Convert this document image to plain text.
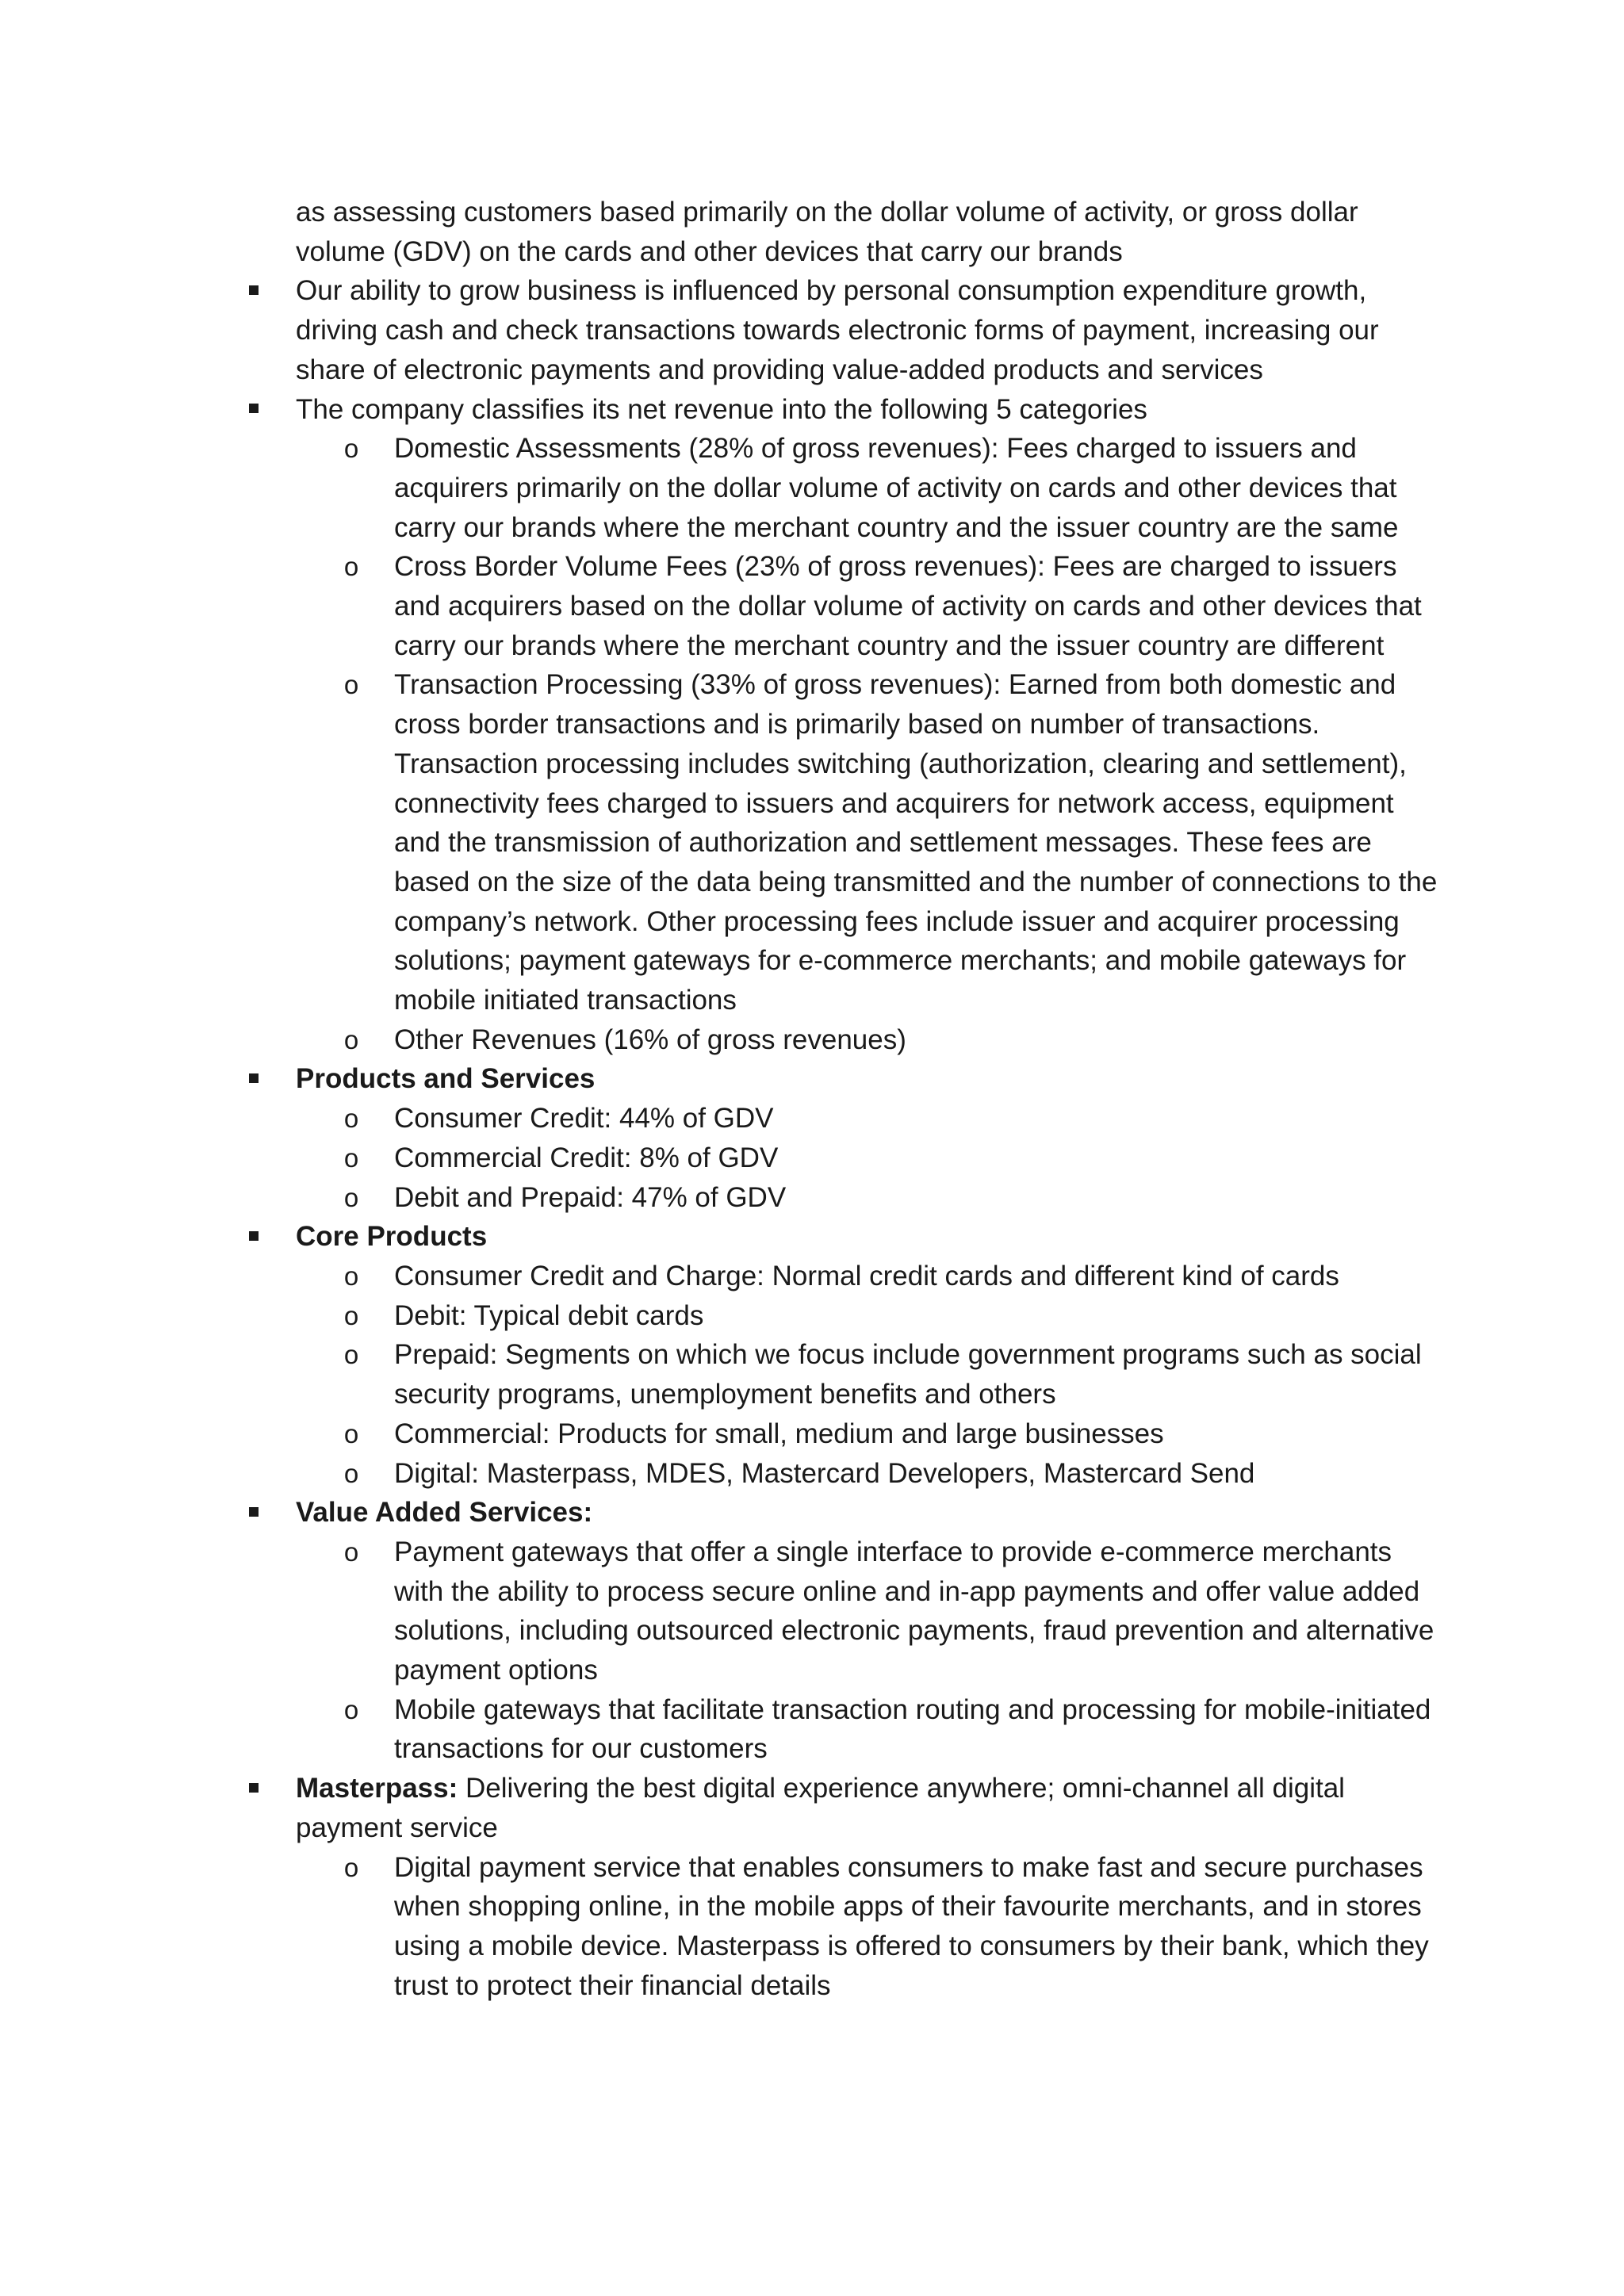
as assessing customers based primarily on the dollar volume of activity, or gross dollar volume (GDV) on the cards and other devices that carry our brands
Our ability to grow business is influenced by personal consumption expenditure growth, driving cash and check transactions towards electronic forms of payment, increasing our share of electronic payments and providing value-added products and services
The company classifies its net revenue into the following 5 categories
o Domestic Assessments (28% of gross revenues): Fees charged to issuers and acquirers primarily on the dollar volume of activity on cards and other devices that carry our brands where the merchant country and the issuer country are the same
o Cross Border Volume Fees (23% of gross revenues): Fees are charged to issuers and acquirers based on the dollar volume of activity on cards and other devices that carry our brands where the merchant country and the issuer country are different
o Transaction Processing (33% of gross revenues): Earned from both domestic and cross border transactions and is primarily based on number of transactions. Transaction processing includes switching (authorization, clearing and settlement), connectivity fees charged to issuers and acquirers for network access, equipment and the transmission of authorization and settlement messages. These fees are based on the size of the data being transmitted and the number of connections to the company’s network. Other processing fees include issuer and acquirer processing solutions; payment gateways for e-commerce merchants; and mobile gateways for mobile initiated transactions
o Other Revenues (16% of gross revenues)
Products and Services
o Consumer Credit: 44% of GDV
o Commercial Credit: 8% of GDV
o Debit and Prepaid: 47% of GDV
Core Products
o Consumer Credit and Charge: Normal credit cards and different kind of cards
o Debit: Typical debit cards
o Prepaid: Segments on which we focus include government programs such as social security programs, unemployment benefits and others
o Commercial: Products for small, medium and large businesses
o Digital: Masterpass, MDES, Mastercard Developers, Mastercard Send
Value Added Services:
o Payment gateways that offer a single interface to provide e-commerce merchants with the ability to process secure online and in-app payments and offer value added solutions, including outsourced electronic payments, fraud prevention and alternative payment options
o Mobile gateways that facilitate transaction routing and processing for mobile-initiated transactions for our customers
Masterpass: Delivering the best digital experience anywhere; omni-channel all digital payment service
o Digital payment service that enables consumers to make fast and secure purchases when shopping online, in the mobile apps of their favourite merchants, and in stores using a mobile device. Masterpass is offered to consumers by their bank, which they trust to protect their financial details
